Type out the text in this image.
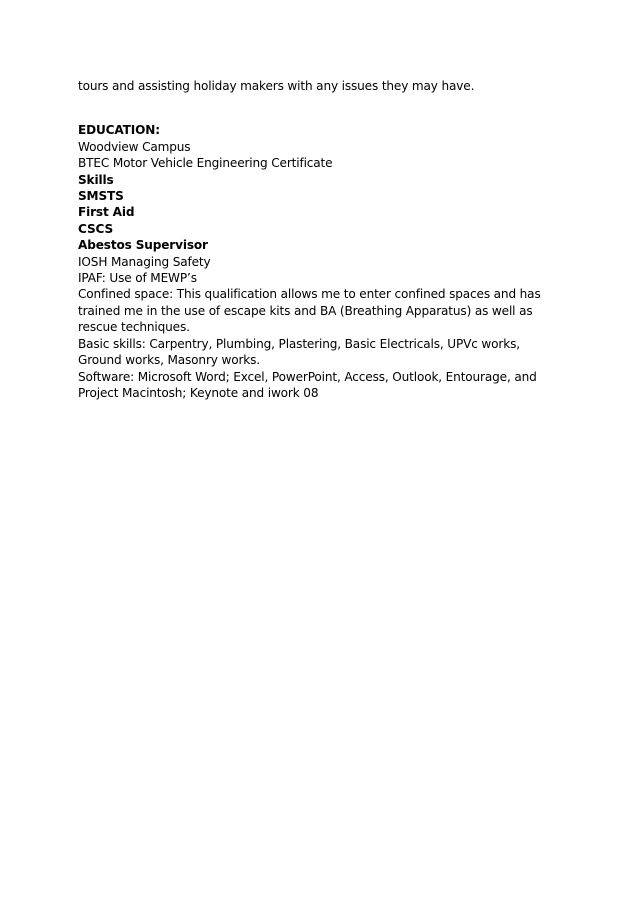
tours and assisting holiday makers with any issues they may have.

EDUCATION:

Woodview Campus

BTEC Motor Vehicle Engineering Certificate

Skills

SMSTS

First Aid

CSCS

Abestos Supervisor

IOSH Managing Safety

IPAF: Use of MEWP’s

Confined space: This qualification allows me to enter confined spaces and has trained me in the use of escape kits and BA (Breathing Apparatus) as well as rescue techniques.

Basic skills: Carpentry, Plumbing, Plastering, Basic Electricals, UPVc works, Ground works, Masonry works.

Software: Microsoft Word; Excel, PowerPoint, Access, Outlook, Entourage, and Project Macintosh; Keynote and iwork 08
